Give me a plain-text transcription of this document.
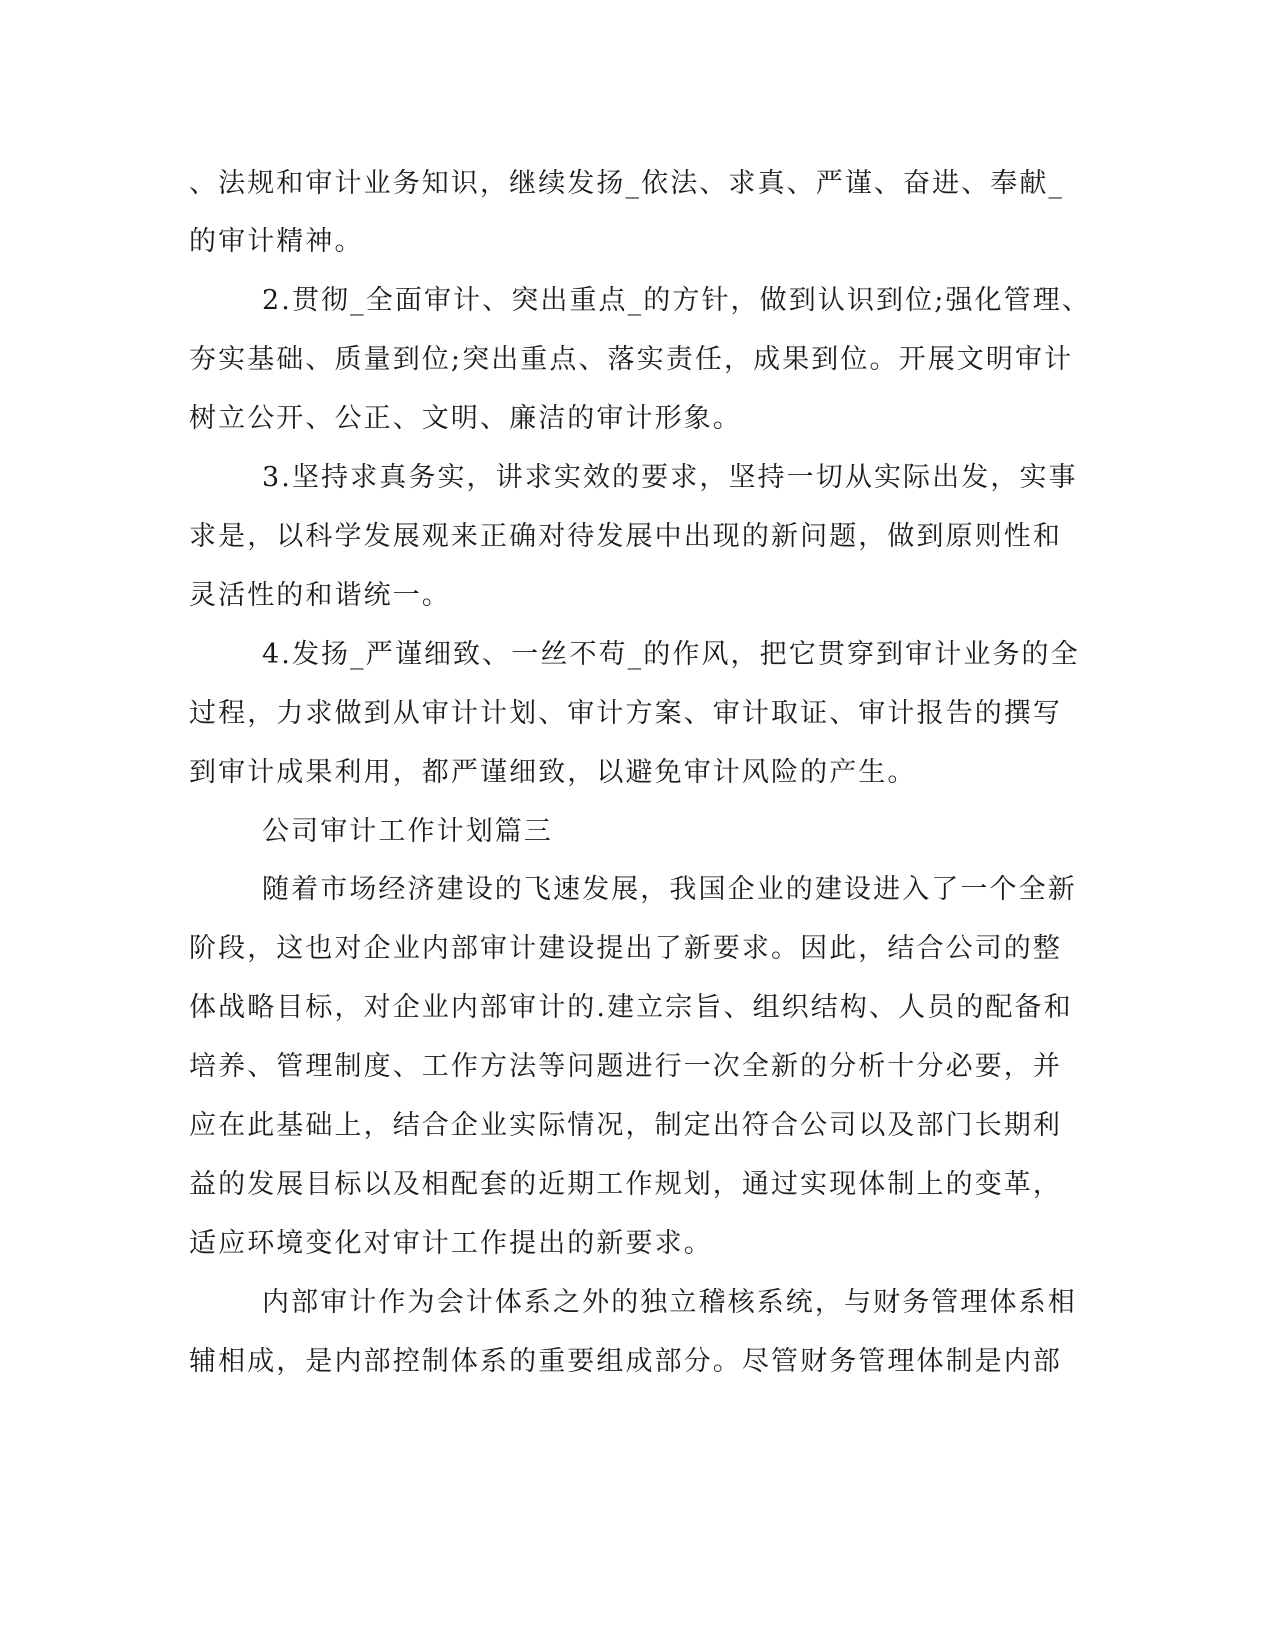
、法规和审计业务知识，继续发扬_依法、求真、严谨、奋进、奉献_
的审计精神。
2.贯彻_全面审计、突出重点_的方针，做到认识到位;强化管理、
夯实基础、质量到位;突出重点、落实责任，成果到位。开展文明审计
树立公开、公正、文明、廉洁的审计形象。
3.坚持求真务实，讲求实效的要求，坚持一切从实际出发，实事
求是，以科学发展观来正确对待发展中出现的新问题，做到原则性和
灵活性的和谐统一。
4.发扬_严谨细致、一丝不苟_的作风，把它贯穿到审计业务的全
过程，力求做到从审计计划、审计方案、审计取证、审计报告的撰写
到审计成果利用，都严谨细致，以避免审计风险的产生。
公司审计工作计划篇三
随着市场经济建设的飞速发展，我国企业的建设进入了一个全新
阶段，这也对企业内部审计建设提出了新要求。因此，结合公司的整
体战略目标，对企业内部审计的.建立宗旨、组织结构、人员的配备和
培养、管理制度、工作方法等问题进行一次全新的分析十分必要，并
应在此基础上，结合企业实际情况，制定出符合公司以及部门长期利
益的发展目标以及相配套的近期工作规划，通过实现体制上的变革，
适应环境变化对审计工作提出的新要求。
内部审计作为会计体系之外的独立稽核系统，与财务管理体系相
辅相成，是内部控制体系的重要组成部分。尽管财务管理体制是内部
